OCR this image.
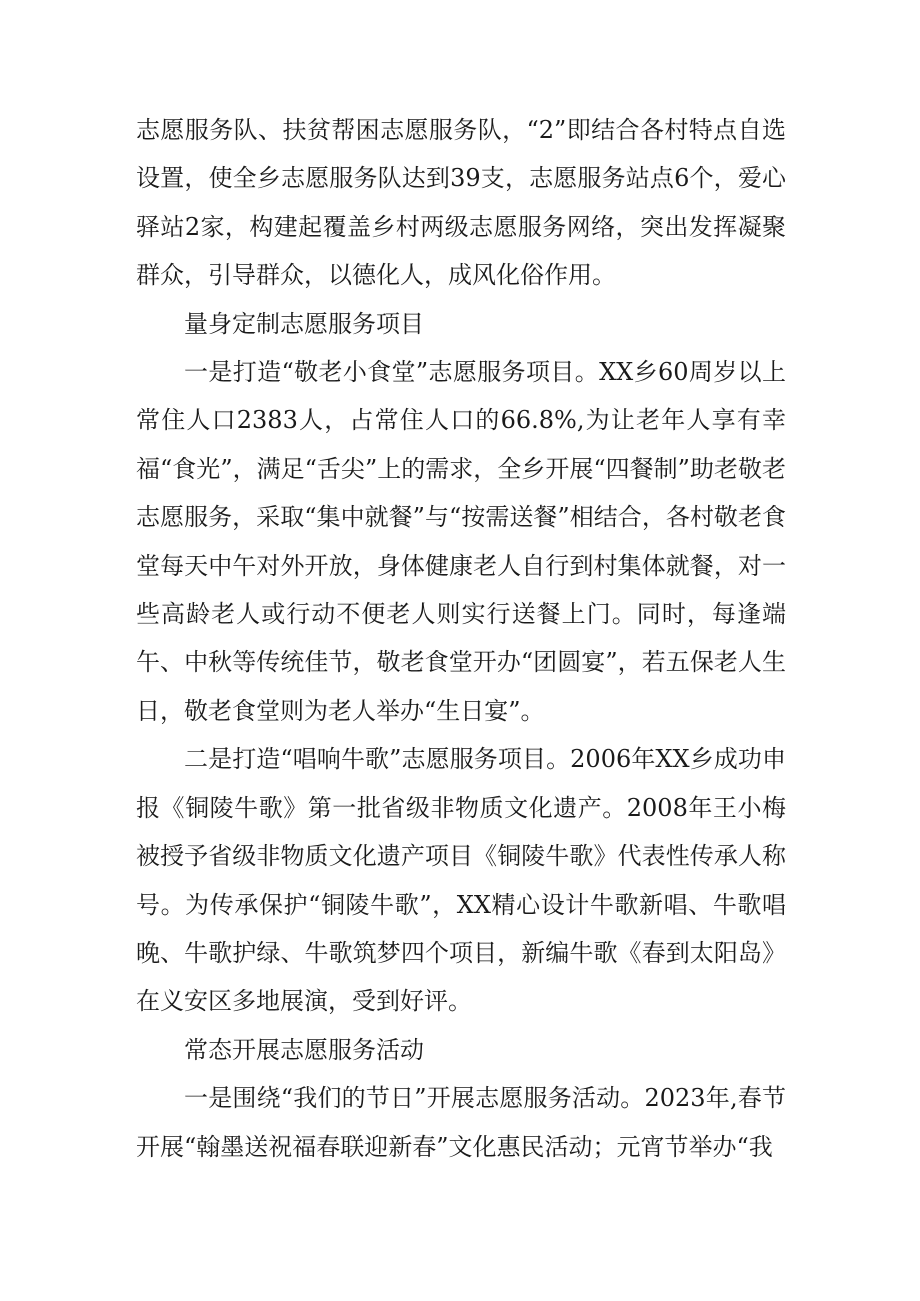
志愿服务队、扶贫帮困志愿服务队，“2”即结合各村特点自选设置，使全乡志愿服务队达到39支，志愿服务站点6个，爱心驿站2家，构建起覆盖乡村两级志愿服务网络，突出发挥凝聚群众，引导群众，以德化人，成风化俗作用。

量身定制志愿服务项目

一是打造“敬老小食堂”志愿服务项目。XX乡60周岁以上常住人口2383人，占常住人口的66.8%,为让老年人享有幸福“食光”，满足“舌尖”上的需求，全乡开展“四餐制”助老敬老志愿服务，采取“集中就餐”与“按需送餐”相结合，各村敬老食堂每天中午对外开放，身体健康老人自行到村集体就餐，对一些高龄老人或行动不便老人则实行送餐上门。同时，每逢端午、中秋等传统佳节，敬老食堂开办“团圆宴”，若五保老人生日，敬老食堂则为老人举办“生日宴”。

二是打造“唱响牛歌”志愿服务项目。2006年XX乡成功申报《铜陵牛歌》第一批省级非物质文化遗产。2008年王小梅被授予省级非物质文化遗产项目《铜陵牛歌》代表性传承人称号。为传承保护“铜陵牛歌”，XX精心设计牛歌新唱、牛歌唱晚、牛歌护绿、牛歌筑梦四个项目，新编牛歌《春到太阳岛》在义安区多地展演，受到好评。

常态开展志愿服务活动

一是围绕“我们的节日”开展志愿服务活动。2023年,春节开展“翰墨送祝福春联迎新春”文化惠民活动；元宵节举办“我
